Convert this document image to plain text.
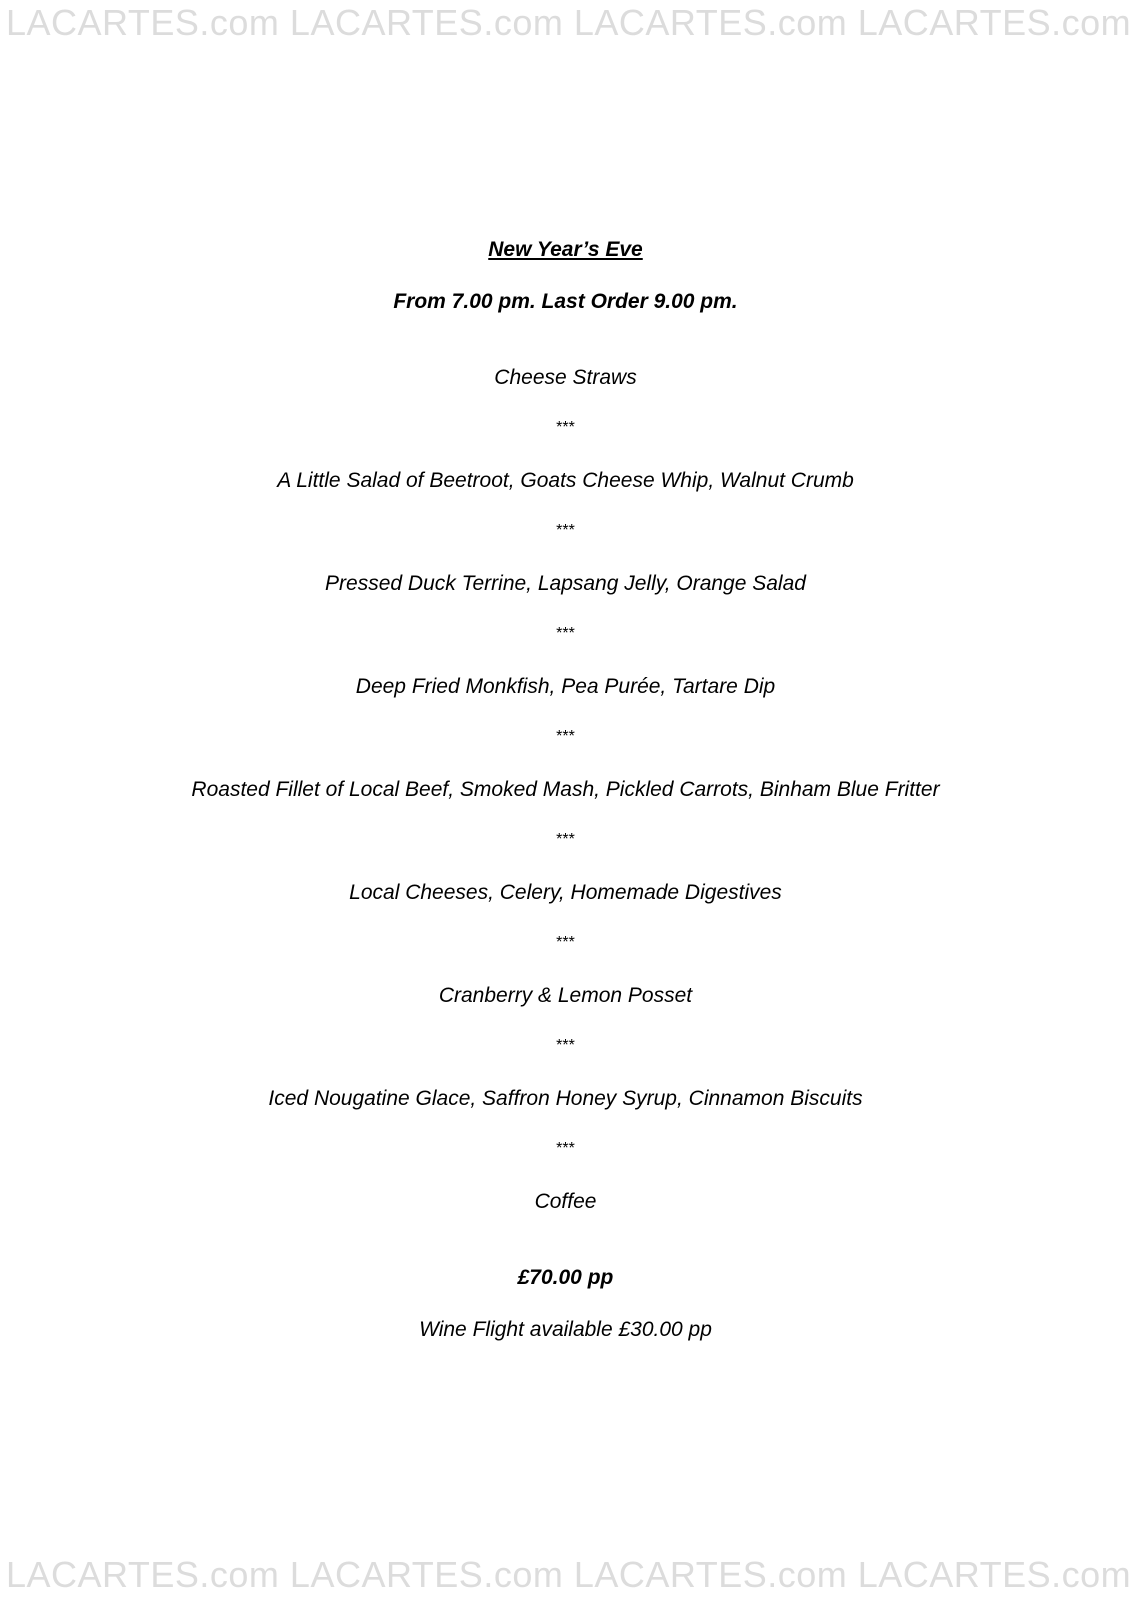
LACARTES.com LACARTES.com LACARTES.com LACARTES.com
New Year’s Eve
From 7.00 pm. Last Order 9.00 pm.
Cheese Straws
***
A Little Salad of Beetroot, Goats Cheese Whip, Walnut Crumb
***
Pressed Duck Terrine, Lapsang Jelly, Orange Salad
***
Deep Fried Monkfish, Pea Purée, Tartare Dip
***
Roasted Fillet of Local Beef, Smoked Mash, Pickled Carrots, Binham Blue Fritter
***
Local Cheeses, Celery, Homemade Digestives
***
Cranberry & Lemon Posset
***
Iced Nougatine Glace, Saffron Honey Syrup, Cinnamon Biscuits
***
Coffee
£70.00 pp
Wine Flight available £30.00 pp
LACARTES.com LACARTES.com LACARTES.com LACARTES.com
